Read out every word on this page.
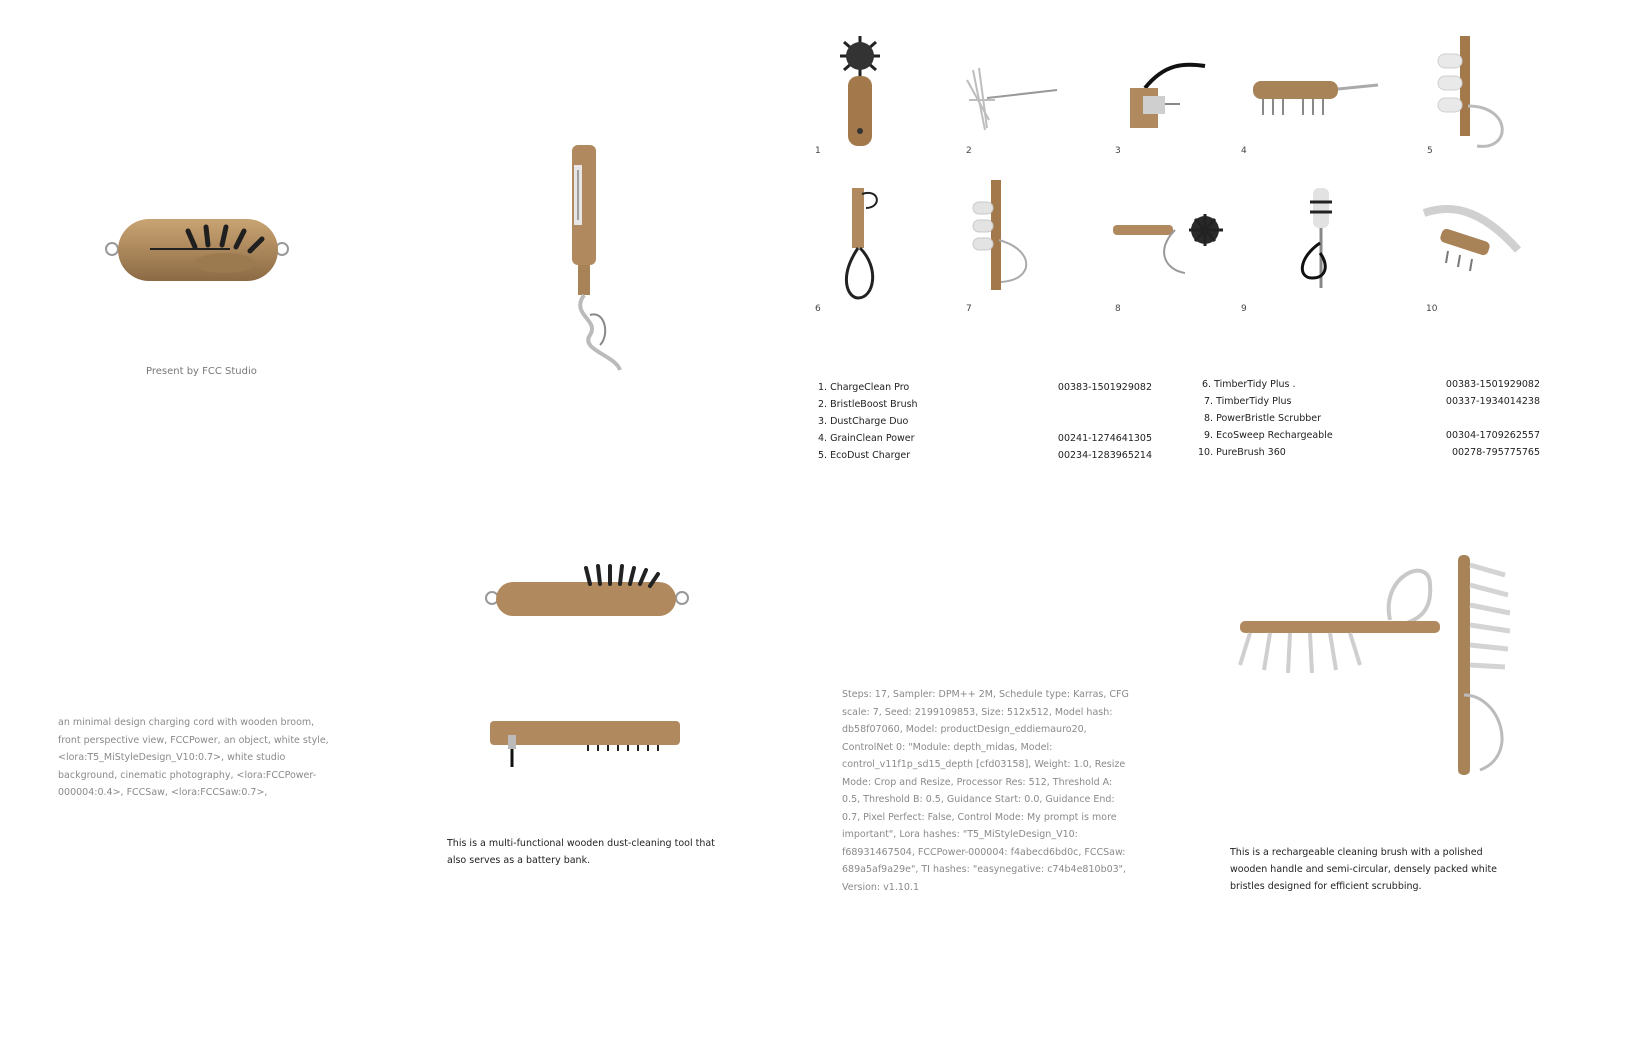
Present by FCC Studio
1	2	3	4	5
6	7	8	9	10
1. ChargeClean Pro	00383-1501929082
2. BristleBoost Brush
3. DustCharge Duo
4. GrainClean Power	00241-1274641305
5. EcoDust Charger	00234-1283965214
6. TimberTidy Plus .	00383-1501929082
7. TimberTidy Plus	00337-1934014238
8. PowerBristle Scrubber
9. EcoSweep Rechargeable	00304-1709262557
10. PureBrush 360	00278-795775765
an minimal design charging cord with wooden broom, front perspective view, FCCPower, an object, white style,<lora:T5_MiStyleDesign_V10:0.7>, white studio background, cinematic photography, <lora:FCCPower-000004:0.4>, FCCSaw, <lora:FCCSaw:0.7>,
This is a multi-functional wooden dust-cleaning tool that also serves as a battery bank.
Steps: 17, Sampler: DPM++ 2M, Schedule type: Karras, CFG scale: 7, Seed: 2199109853, Size: 512x512, Model hash: db58f07060, Model: productDesign_eddiemauro20, ControlNet 0: "Module: depth_midas, Model: control_v11f1p_sd15_depth [cfd03158], Weight: 1.0, Resize Mode: Crop and Resize, Processor Res: 512, Threshold A: 0.5, Threshold B: 0.5, Guidance Start: 0.0, Guidance End: 0.7, Pixel Perfect: False, Control Mode: My prompt is more important", Lora hashes: "T5_MiStyleDesign_V10: f68931467504, FCCPower-000004: f4abecd6bd0c, FCCSaw: 689a5af9a29e", TI hashes: "easynegative: c74b4e810b03", Version: v1.10.1
This is a rechargeable cleaning brush with a polished wooden handle and semi-circular, densely packed white bristles designed for efficient scrubbing.
